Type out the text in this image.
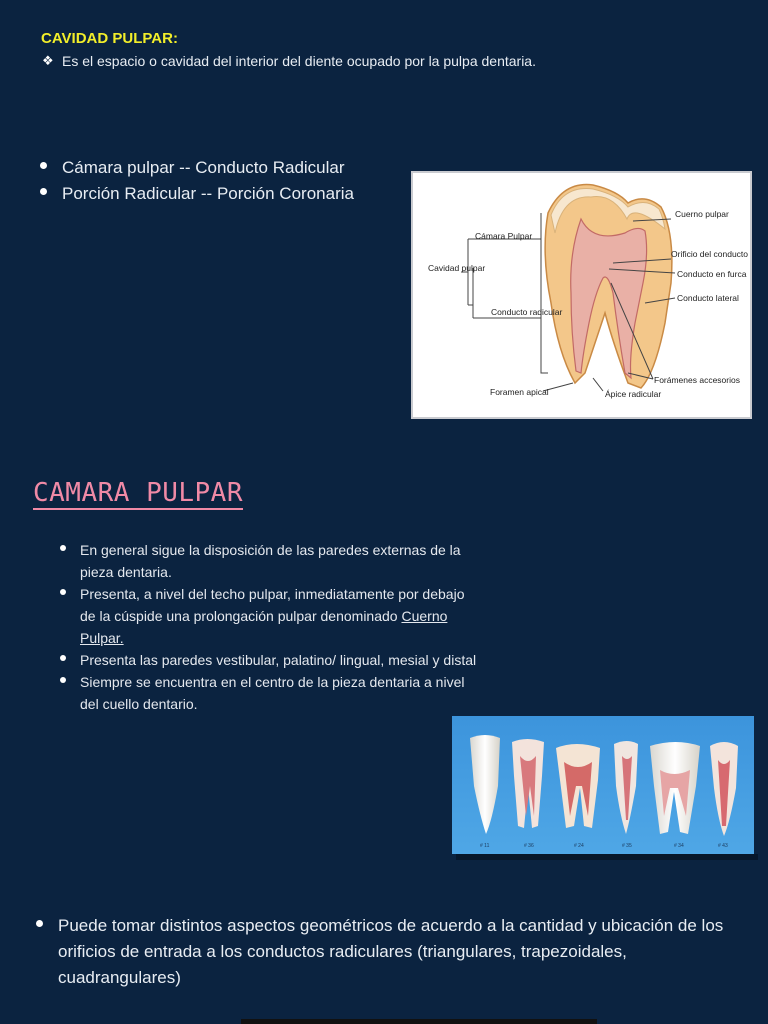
CAVIDAD PULPAR:
❖ Es el espacio o cavidad del interior del diente ocupado por la pulpa dentaria.
Cámara pulpar -- Conducto Radicular
Porción Radicular -- Porción Coronaria
Cámara Pulpar
Cavidad pulpar
Conducto radicular
Foramen apical	Ápice radicular
Cuerno pulpar
Orificio del conducto
Conducto en furca
Conducto lateral
Forámenes accesorios
CAMARA PULPAR
En general sigue la disposición de las paredes externas de la pieza dentaria.
Presenta, a nivel del techo pulpar, inmediatamente por debajo de la cúspide una prolongación pulpar denominado Cuerno Pulpar.
Presenta las paredes vestibular, palatino/ lingual, mesial y distal
Siempre se encuentra en el centro de la pieza dentaria a nivel del cuello dentario.
# 11	# 36	# 24	# 35	# 34	# 43
Puede tomar distintos aspectos geométricos de acuerdo a la cantidad y ubicación de los orificios de entrada a los conductos radiculares (triangulares, trapezoidales, cuadrangulares)
